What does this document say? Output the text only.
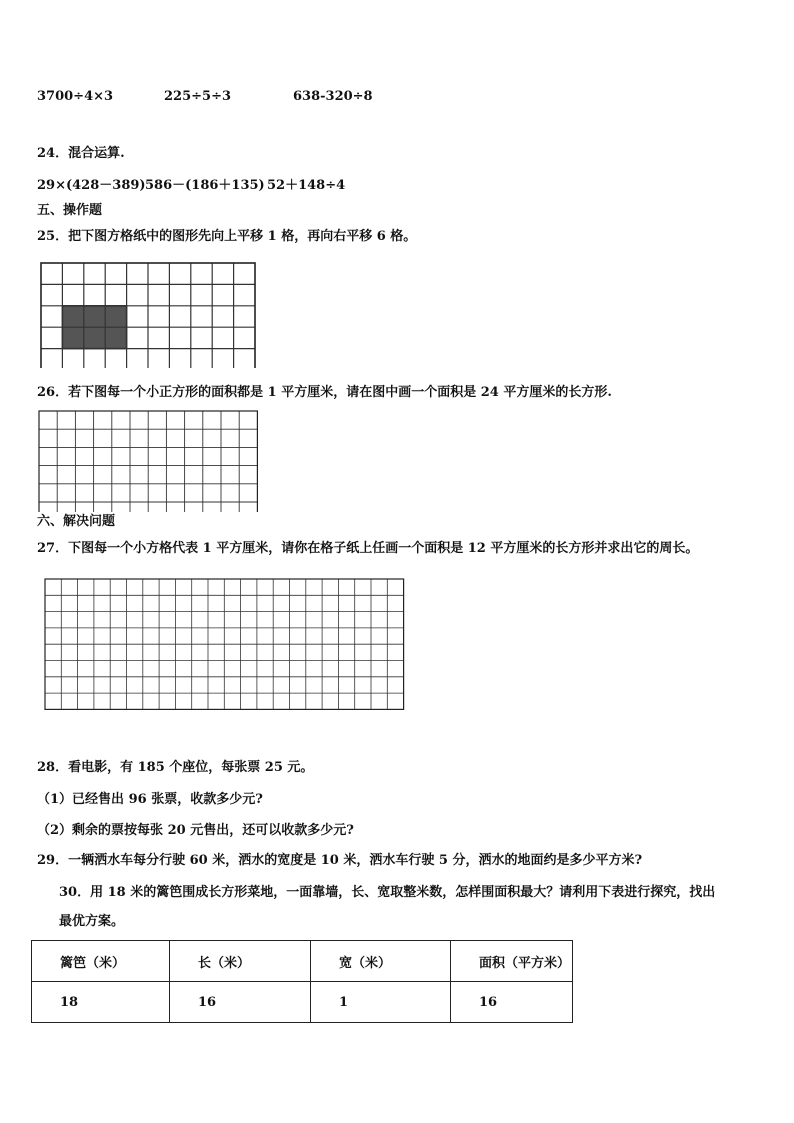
3700÷4×3	225÷5÷3	638-320÷8
24．混合运算.
29×(428－389) 586－(186＋135) 52＋148÷4
五、操作题
25．把下图方格纸中的图形先向上平移 1 格，再向右平移 6 格。
26．若下图每一个小正方形的面积都是 1 平方厘米，请在图中画一个面积是 24 平方厘米的长方形.
六、解决问题
27．下图每一个小方格代表 1 平方厘米，请你在格子纸上任画一个面积是 12 平方厘米的长方形并求出它的周长。
28．看电影，有 185 个座位，每张票 25 元。
（1）已经售出 96 张票，收款多少元?
（2）剩余的票按每张 20 元售出，还可以收款多少元?
29．一辆洒水车每分行驶 60 米，洒水的宽度是 10 米，洒水车行驶 5 分，洒水的地面约是多少平方米?
30．用 18 米的篱笆围成长方形菜地，一面靠墙，长、宽取整米数，怎样围面积最大？请利用下表进行探究，找出
最优方案。
篱笆（米）	长（米）	宽（米）	面积（平方米）
18	16	1	16
